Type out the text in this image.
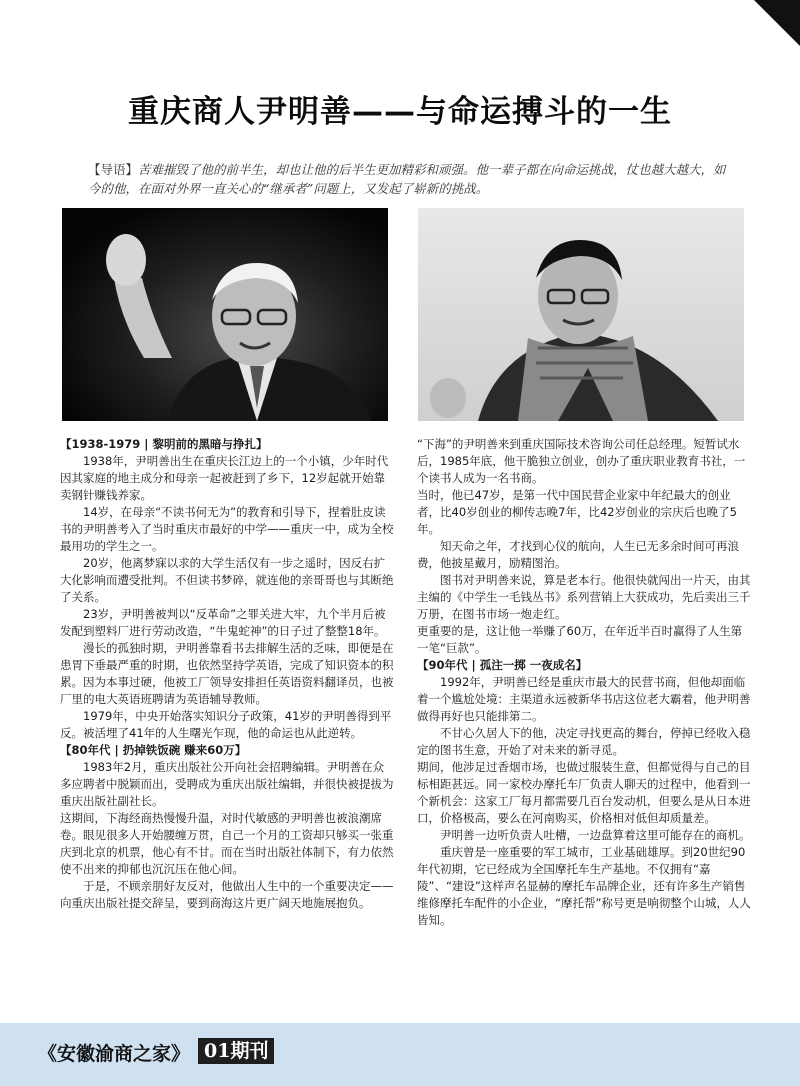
重庆商人尹明善——与命运搏斗的一生
【导语】苦难摧毁了他的前半生，却也让他的后半生更加精彩和顽强。他一辈子都在向命运挑战，仗也越大越大，如今的他，在面对外界一直关心的“继承者”问题上，又发起了崭新的挑战。

【1938-1979 | 黎明前的黑暗与挣扎】

1938年，尹明善出生在重庆长江边上的一个小镇，少年时代因其家庭的地主成分和母亲一起被赶到了乡下，12岁起就开始靠卖钢针赚钱养家。

14岁，在母亲“不读书何无为”的教育和引导下，捏着肚皮读书的尹明善考入了当时重庆市最好的中学——重庆一中，成为全校最用功的学生之一。

20岁，他离梦寐以求的大学生活仅有一步之遥时，因反右扩大化影响而遭受批判。不但读书梦碎，就连他的亲哥哥也与其断绝了关系。

23岁，尹明善被判以“反革命”之罪关进大牢，九个半月后被发配到塑料厂进行劳动改造，“牛鬼蛇神”的日子过了整整18年。

漫长的孤独时期，尹明善靠看书去排解生活的乏味，即便是在患胃下垂最严重的时期，也依然坚持学英语，完成了知识资本的积累。因为本事过硬，他被工厂领导安排担任英语资料翻译员，也被厂里的电大英语班聘请为英语辅导教师。

1979年，中央开始落实知识分子政策，41岁的尹明善得到平反。被活埋了41年的人生曙光乍现，他的命运也从此逆转。

【80年代 | 扔掉铁饭碗 赚来60万】

1983年2月，重庆出版社公开向社会招聘编辑。尹明善在众多应聘者中脱颖而出，受聘成为重庆出版社编辑，并很快被提拔为重庆出版社副社长。

这期间，下海经商热慢慢升温，对时代敏感的尹明善也被浪潮席卷。眼见很多人开始腰缠万贯，自己一个月的工资却只够买一张重庆到北京的机票，他心有不甘。而在当时出版社体制下，有力依然使不出来的抑郁也沉沉压在他心间。

于是，不顾亲朋好友反对，他做出人生中的一个重要决定——向重庆出版社提交辞呈，要到商海这片更广阔天地施展抱负。

“下海”的尹明善来到重庆国际技术咨询公司任总经理。短暂试水后，1985年底，他干脆独立创业，创办了重庆职业教育书社，一个读书人成为一名书商。

当时，他已47岁，是第一代中国民营企业家中年纪最大的创业者，比40岁创业的柳传志晚7年，比42岁创业的宗庆后也晚了5年。

知天命之年，才找到心仪的航向，人生已无多余时间可再浪费，他披星戴月，励精图治。

图书对尹明善来说，算是老本行。他很快就闯出一片天，由其主编的《中学生一毛钱丛书》系列营销上大获成功，先后卖出三千万册，在图书市场一炮走红。

更重要的是，这让他一举赚了60万，在年近半百时赢得了人生第一笔“巨款”。

【90年代 | 孤注一掷 一夜成名】

1992年，尹明善已经是重庆市最大的民营书商，但他却面临着一个尴尬处境：主渠道永远被新华书店这位老大霸着，他尹明善做得再好也只能排第二。

不甘心久居人下的他，决定寻找更高的舞台，停掉已经收入稳定的图书生意，开始了对未来的新寻觅。

期间，他涉足过香烟市场，也做过服装生意，但都觉得与自己的目标相距甚远。同一家校办摩托车厂负责人聊天的过程中，他看到一个新机会：这家工厂每月都需要几百台发动机，但要么是从日本进口，价格极高，要么在河南购买，价格相对低但却质量差。

尹明善一边听负责人吐槽，一边盘算着这里可能存在的商机。

重庆曾是一座重要的军工城市，工业基础雄厚。到20世纪90年代初期，它已经成为全国摩托车生产基地。不仅拥有“嘉陵”、“建设”这样声名显赫的摩托车品牌企业，还有许多生产销售维修摩托车配件的小企业，“摩托帮”称号更是响彻整个山城，人人皆知。

《安徽渝商之家》 01期刊
